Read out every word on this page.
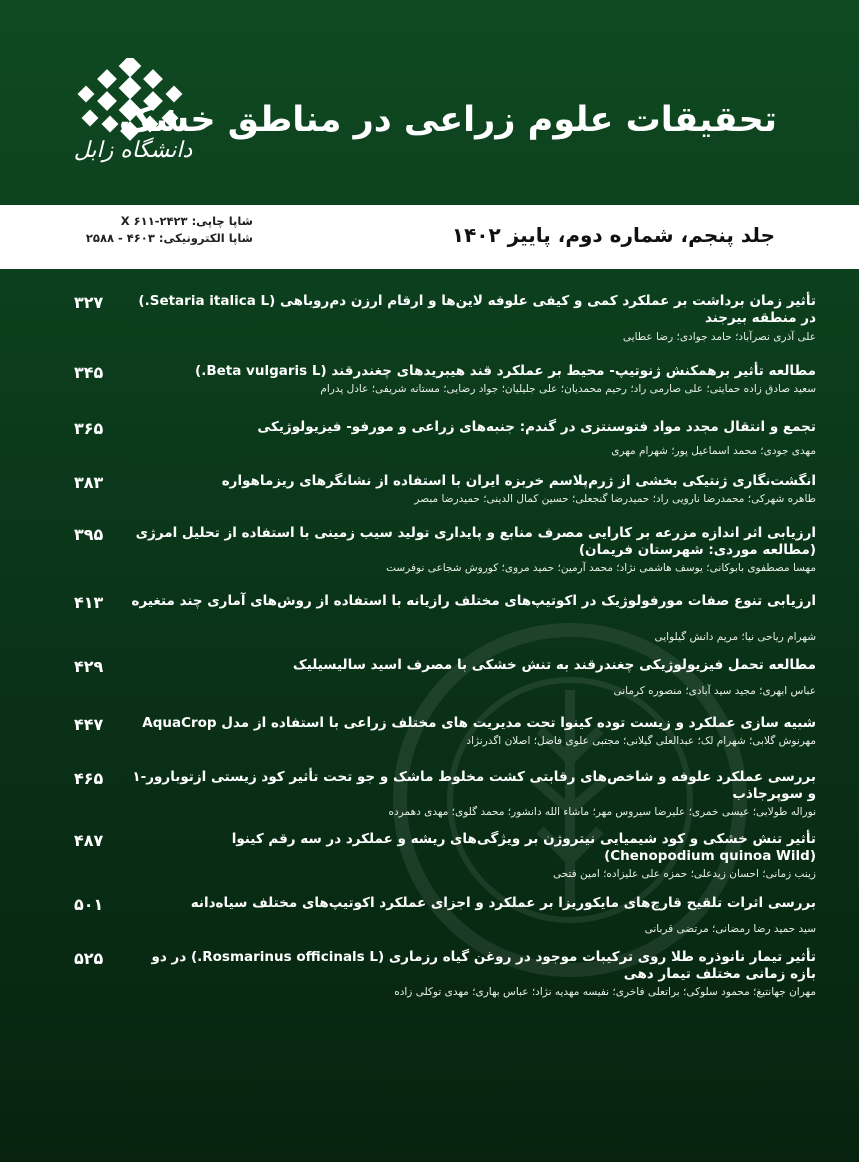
دانشگاه زابل
تحقیقات علوم زراعی در مناطق خشک
شاپا چاپی: X ۶۱۱-۲۴۲۳
شاپا الکترونیکی: ۴۶۰۳ - ۲۵۸۸	جلد پنجم، شماره دوم، پاییز ۱۴۰۲
۳۲۷	تأثیر زمان برداشت بر عملکرد کمی و کیفی علوفه لاین‌ها و ارقام ارزن دم‌روباهی (Setaria italica L.) در منطقه بیرجند
علی آذری نصرآباد؛ حامد جوادی؛ رضا عطایی
۳۴۵	مطالعه تأثیر برهمکنش ژنوتیپ- محیط بر عملکرد قند هیبریدهای چغندرقند (Beta vulgaris L.)
سعید صادق زاده حمایتی؛ علی صارمی راد؛ رحیم محمدیان؛ علی جلیلیان؛ جواد رضایی؛ مستانه شریفی؛ عادل پدرام
۳۶۵	تجمع و انتقال مجدد مواد فتوسنتزی در گندم: جنبه‌های زراعی و مورفو- فیزیولوژیکی
مهدی جودی؛ محمد اسماعیل پور؛ شهرام مهری
۳۸۳	انگشت‌نگاری ژنتیکی بخشی از ژرم‌پلاسم خربزه ایران با استفاده از نشانگرهای ریزماهواره
طاهره شهرکی؛ محمدرضا نارویی راد؛ حمیدرضا گنجعلی؛ حسین کمال الدینی؛ حمیدرضا مبصر
۳۹۵	ارزیابی اثر اندازه مزرعه بر کارایی مصرف منابع و پایداری تولید سیب زمینی با استفاده از تحلیل امرژی (مطالعه موردی: شهرستان فریمان)
مهسا مصطفوی بابوکانی؛ یوسف هاشمی نژاد؛ محمد آرمین؛ حمید مروی؛ کوروش شجاعی نوفرست
۴۱۳	ارزیابی تنوع صفات مورفولوژیک در اکوتیپ‌های مختلف رازیانه با استفاده از روش‌های آماری چند متغیره
شهرام ریاحی نیا؛ مریم دانش گیلوایی
۴۲۹	مطالعه تحمل فیزیولوژیکی چغندرقند به تنش خشکی با مصرف اسید سالیسیلیک
عباس ابهری؛ مجید سید آبادی؛ منصوره کرمانی
۴۴۷	شبیه سازی عملکرد و زیست توده کینوا تحت مدیریت های مختلف زراعی با استفاده از مدل AquaCrop
مهرنوش گلابی؛ شهرام لک؛ عبدالعلی گیلانی؛ مجتبی علوی فاضل؛ اصلان اگدرنژاد
۴۶۵	بررسی عملکرد علوفه و شاخص‌های رقابتی کشت مخلوط ماشک و جو تحت تأثیر کود زیستی ازتوبارور-۱ و سوپرجاذب
نوراله طولابی؛ عیسی خمری؛ علیرضا سیروس مهر؛ ماشاء الله دانشور؛ محمد گلوی؛ مهدی دهمرده
۴۸۷	تأثیر تنش خشکی و کود شیمیایی نیتروژن بر ویژگی‌های ریشه و عملکرد در سه رقم کینوا (Chenopodium quinoa Wild)
زینب زمانی؛ احسان زیدعلی؛ حمزه علی علیزاده؛ امین فتحی
۵۰۱	بررسی اثرات تلقیح قارچ‌های مایکوریزا بر عملکرد و اجزای عملکرد اکوتیپ‌های مختلف سیاه‌دانه
سید حمید رضا رمضانی؛ مرتضی قربانی
۵۲۵	تأثیر تیمار نانوذره طلا روی ترکیبات موجود در روغن گیاه رزماری (Rosmarinus officinals L.) در دو بازه زمانی مختلف تیمار دهی
مهران جهانتیغ؛ محمود سلوکی؛ براتعلی فاخری؛ نفیسه مهدیه نژاد؛ عباس بهاری؛ مهدی توکلی زاده
